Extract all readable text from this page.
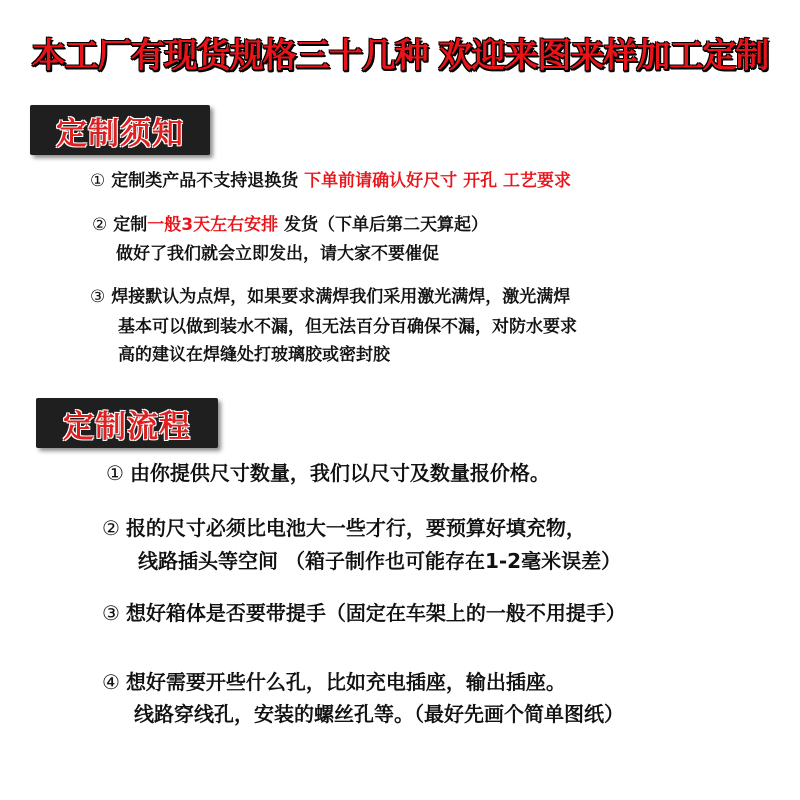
本工厂有现货规格三十几种 欢迎来图来样加工定制
定制须知
① 定制类产品不支持退换货 下单前请确认好尺寸 开孔 工艺要求
② 定制一般3天左右安排 发货（下单后第二天算起）
做好了我们就会立即发出，请大家不要催促
③ 焊接默认为点焊，如果要求满焊我们采用激光满焊，激光满焊
基本可以做到装水不漏，但无法百分百确保不漏，对防水要求
高的建议在焊缝处打玻璃胶或密封胶
定制流程
① 由你提供尺寸数量，我们以尺寸及数量报价格。
② 报的尺寸必须比电池大一些才行，要预算好填充物，
线路插头等空间 （箱子制作也可能存在1-2毫米误差）
③ 想好箱体是否要带提手（固定在车架上的一般不用提手）
④ 想好需要开些什么孔，比如充电插座，输出插座。
线路穿线孔，安装的螺丝孔等。（最好先画个简单图纸）
